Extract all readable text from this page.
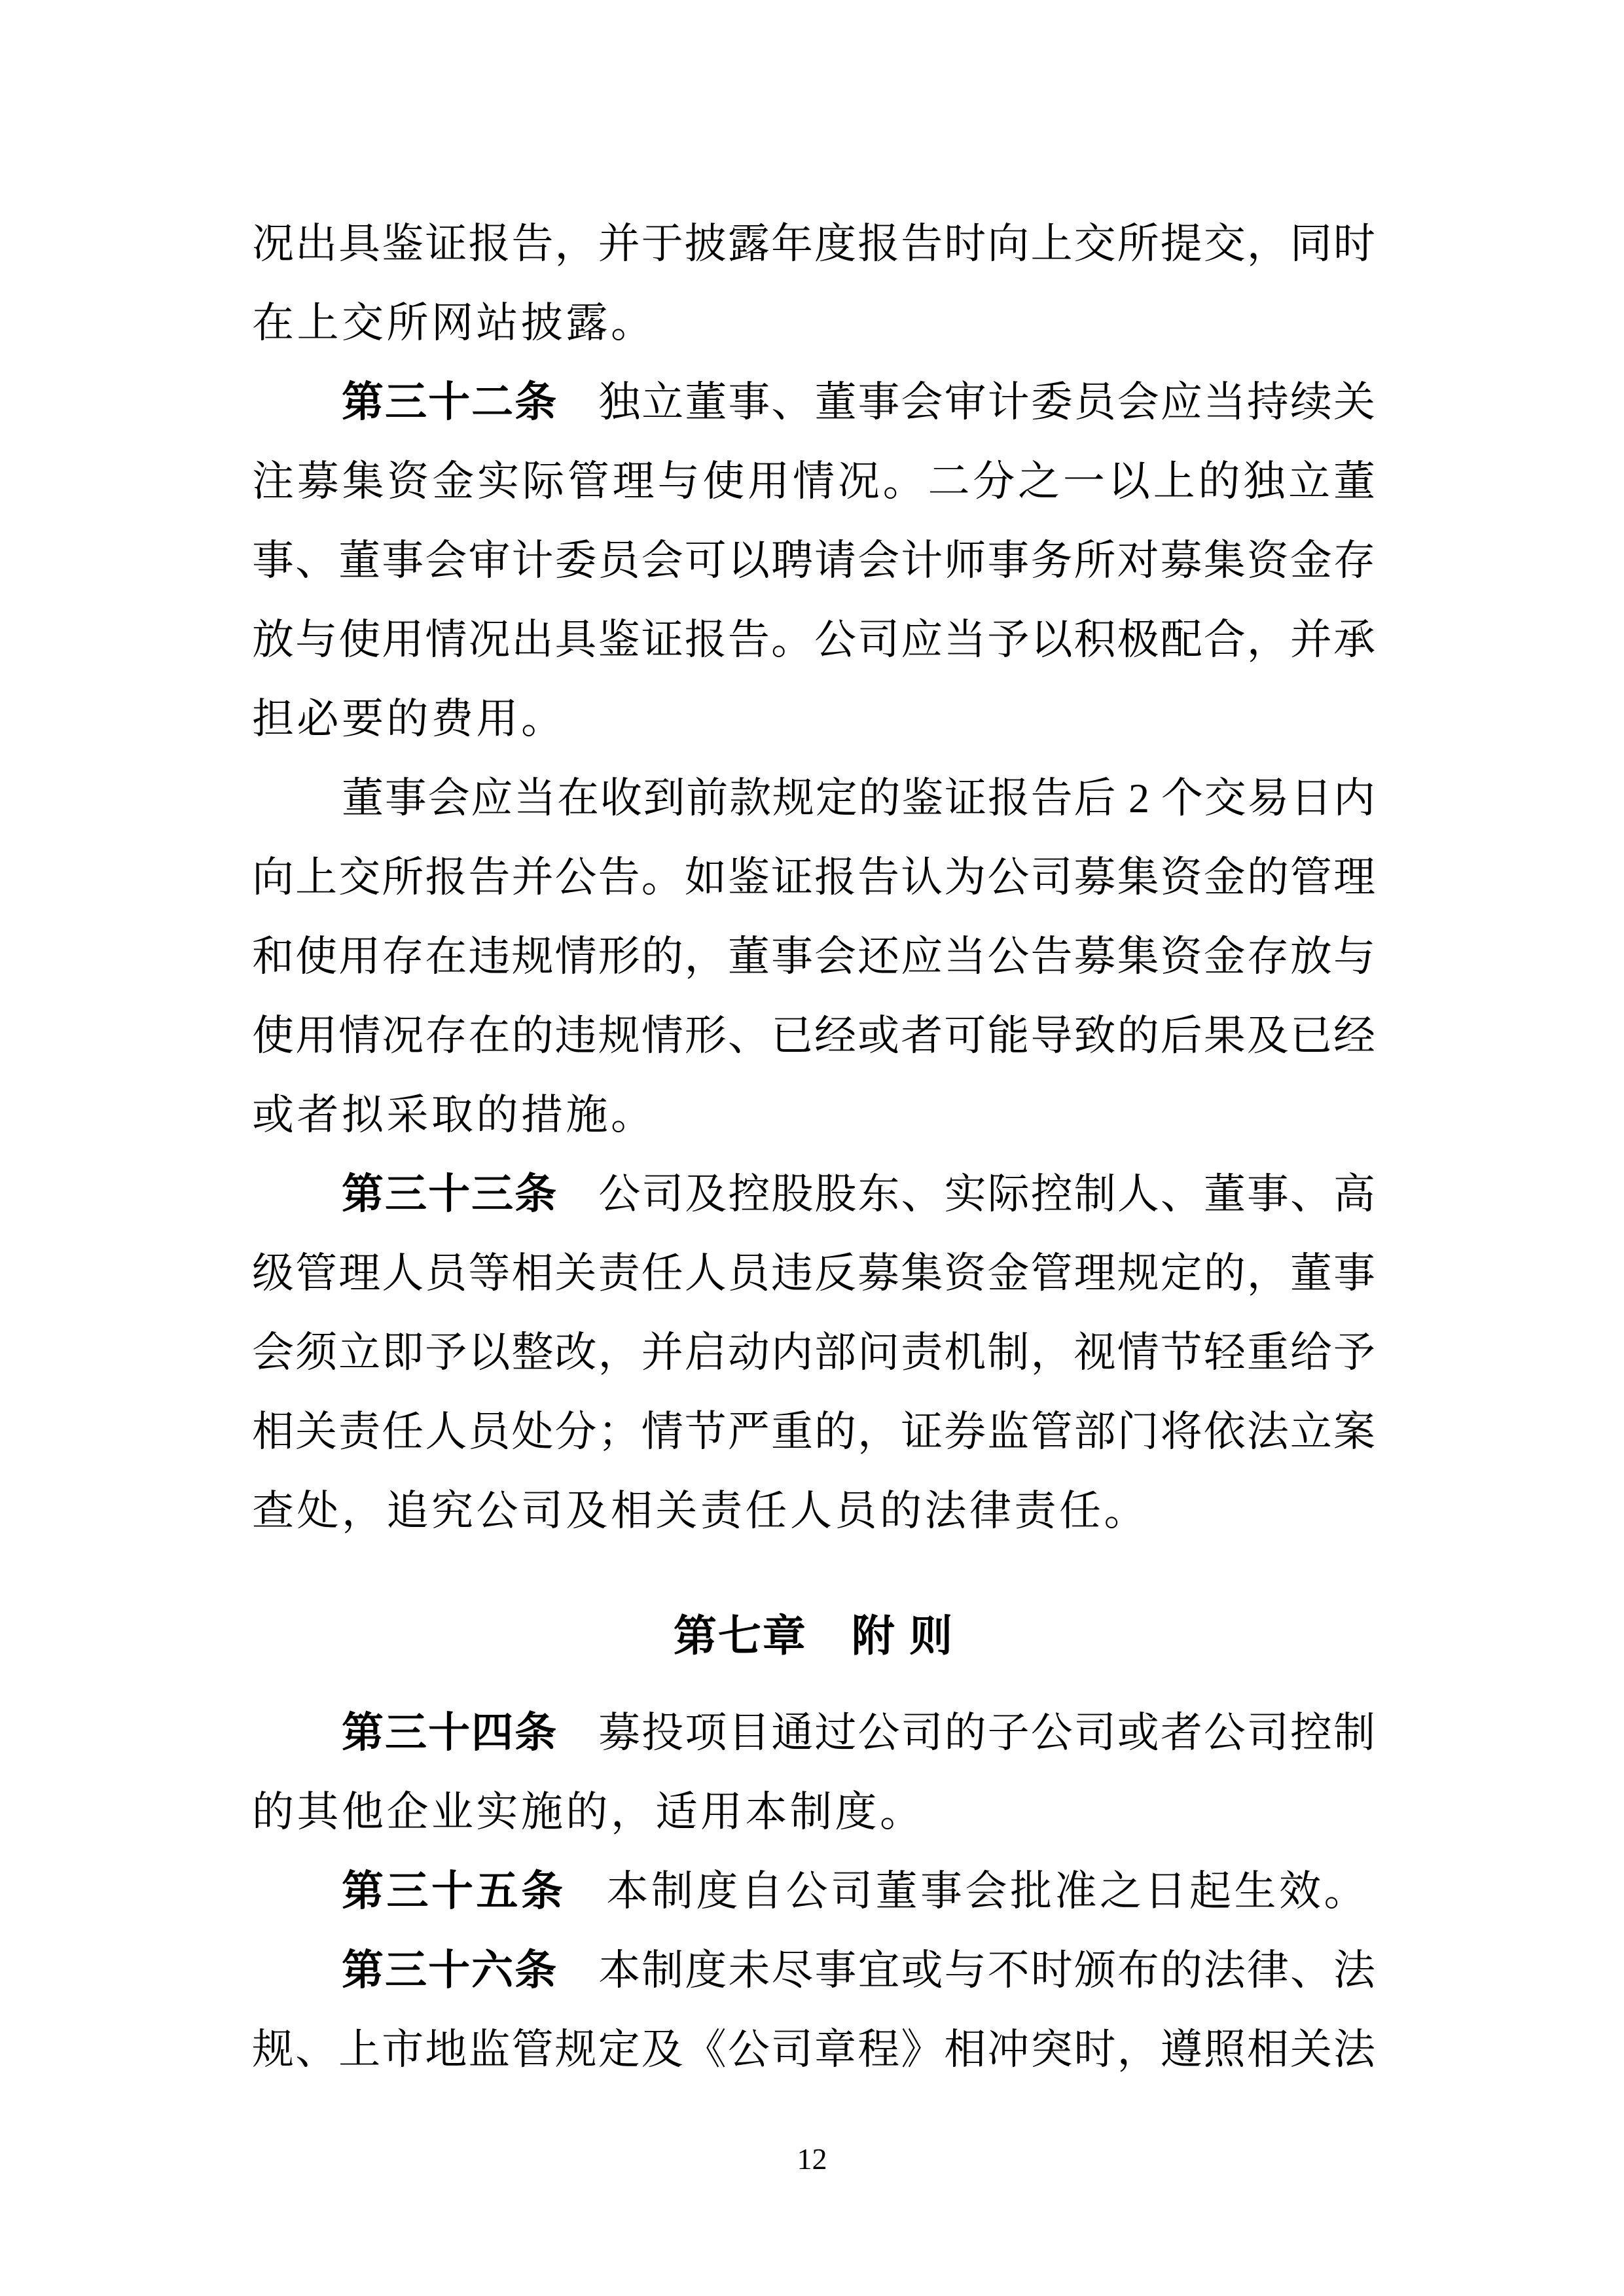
况出具鉴证报告，并于披露年度报告时向上交所提交，同时
在上交所网站披露。
第三十二条 独立董事、董事会审计委员会应当持续关
注募集资金实际管理与使用情况。二分之一以上的独立董
事、董事会审计委员会可以聘请会计师事务所对募集资金存
放与使用情况出具鉴证报告。公司应当予以积极配合，并承
担必要的费用。
董事会应当在收到前款规定的鉴证报告后 2 个交易日内
向上交所报告并公告。如鉴证报告认为公司募集资金的管理
和使用存在违规情形的，董事会还应当公告募集资金存放与
使用情况存在的违规情形、已经或者可能导致的后果及已经
或者拟采取的措施。
第三十三条 公司及控股股东、实际控制人、董事、高
级管理人员等相关责任人员违反募集资金管理规定的，董事
会须立即予以整改，并启动内部问责机制，视情节轻重给予
相关责任人员处分；情节严重的，证券监管部门将依法立案
查处，追究公司及相关责任人员的法律责任。
第七章　附 则
第三十四条 募投项目通过公司的子公司或者公司控制
的其他企业实施的，适用本制度。
第三十五条 本制度自公司董事会批准之日起生效。
第三十六条 本制度未尽事宜或与不时颁布的法律、法
规、上市地监管规定及《公司章程》相冲突时，遵照相关法
12
